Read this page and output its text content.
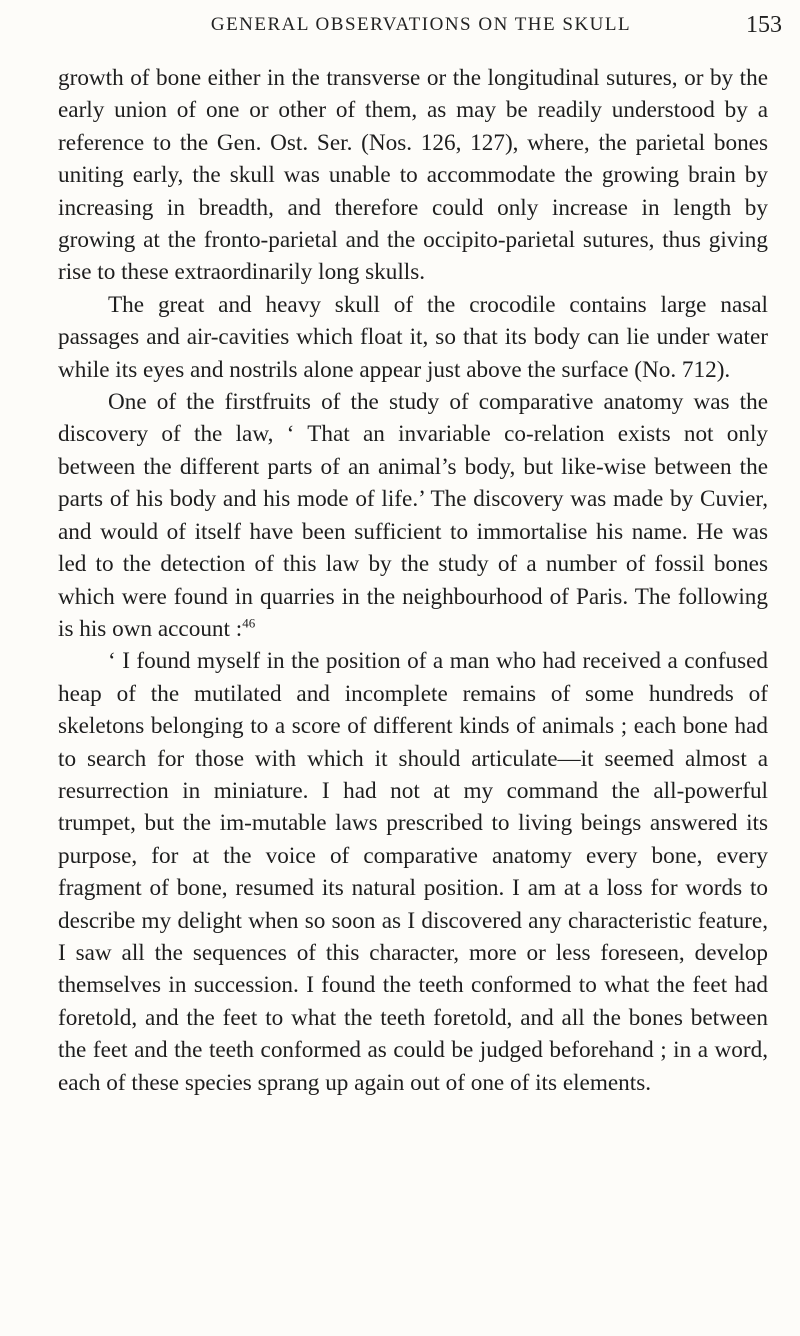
GENERAL OBSERVATIONS ON THE SKULL	153

growth of bone either in the transverse or the longitudinal sutures, or by the early union of one or other of them, as may be readily understood by a reference to the Gen. Ost. Ser. (Nos. 126, 127), where, the parietal bones uniting early, the skull was unable to accommodate the growing brain by increasing in breadth, and therefore could only increase in length by growing at the fronto-parietal and the occipito-parietal sutures, thus giving rise to these extraordinarily long skulls.

The great and heavy skull of the crocodile contains large nasal passages and air-cavities which float it, so that its body can lie under water while its eyes and nostrils alone appear just above the surface (No. 712).

One of the firstfruits of the study of comparative anatomy was the discovery of the law, ‘ That an invariable co-relation exists not only between the different parts of an animal’s body, but like-wise between the parts of his body and his mode of life.’ The discovery was made by Cuvier, and would of itself have been sufficient to immortalise his name. He was led to the detection of this law by the study of a number of fossil bones which were found in quarries in the neighbourhood of Paris. The following is his own account :$^{46}$

‘ I found myself in the position of a man who had received a confused heap of the mutilated and incomplete remains of some hundreds of skeletons belonging to a score of different kinds of animals ; each bone had to search for those with which it should articulate—it seemed almost a resurrection in miniature. I had not at my command the all-powerful trumpet, but the im-mutable laws prescribed to living beings answered its purpose, for at the voice of comparative anatomy every bone, every fragment of bone, resumed its natural position. I am at a loss for words to describe my delight when so soon as I discovered any characteristic feature, I saw all the sequences of this character, more or less foreseen, develop themselves in succession. I found the teeth conformed to what the feet had foretold, and the feet to what the teeth foretold, and all the bones between the feet and the teeth conformed as could be judged beforehand ; in a word, each of these species sprang up again out of one of its elements.
